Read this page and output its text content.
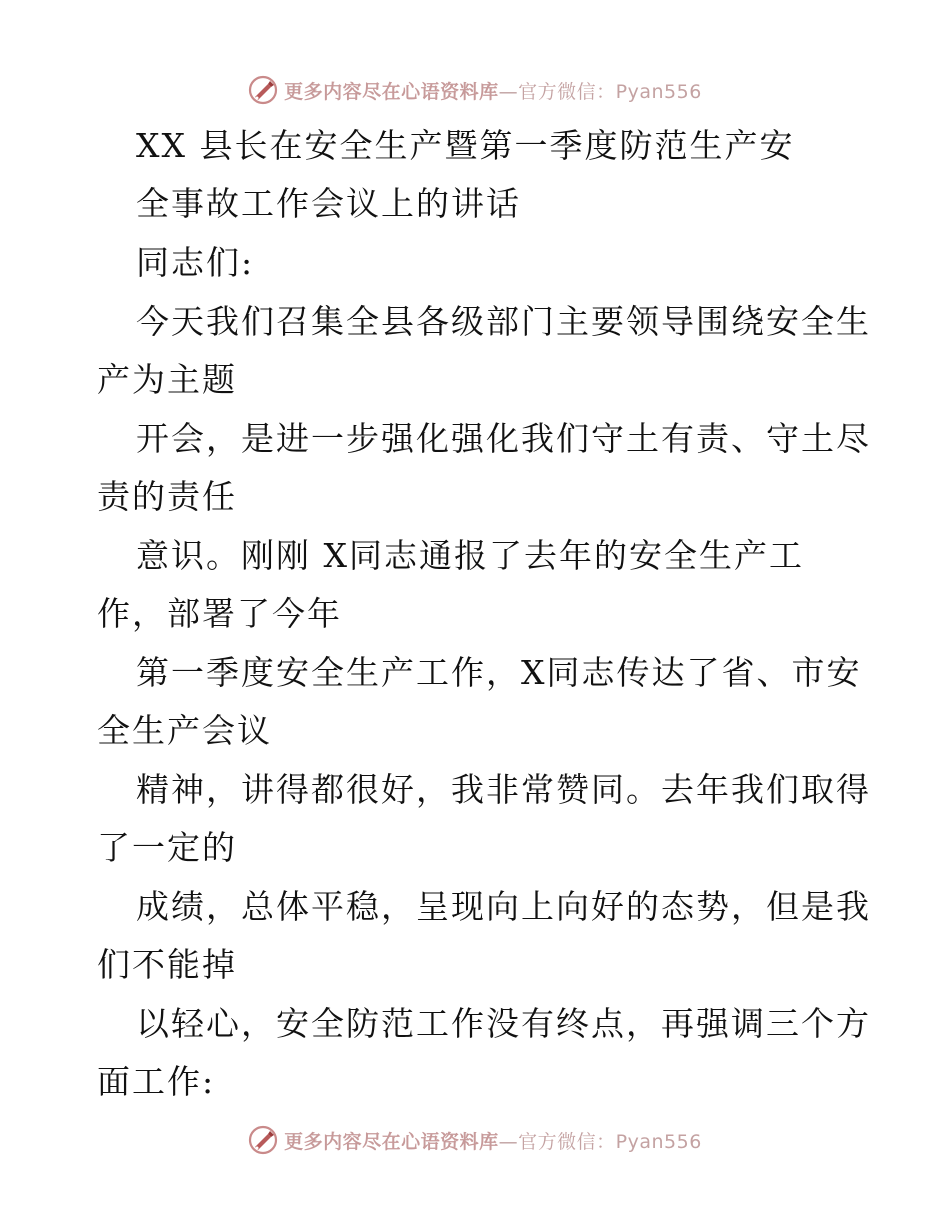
更多内容尽在心语资料库—官方微信：Pyan556
XX 县长在安全生产暨第一季度防范生产安
全事故工作会议上的讲话
同志们:
今天我们召集全县各级部门主要领导围绕安全生
产为主题
开会，是进一步强化强化我们守土有责、守土尽
责的责任
意识。刚刚 X同志通报了去年的安全生产工
作，部署了今年
第一季度安全生产工作，X同志传达了省、市安
全生产会议
精神，讲得都很好，我非常赞同。去年我们取得
了一定的
成绩，总体平稳，呈现向上向好的态势，但是我
们不能掉
以轻心，安全防范工作没有终点，再强调三个方
面工作:
更多内容尽在心语资料库—官方微信：Pyan556
